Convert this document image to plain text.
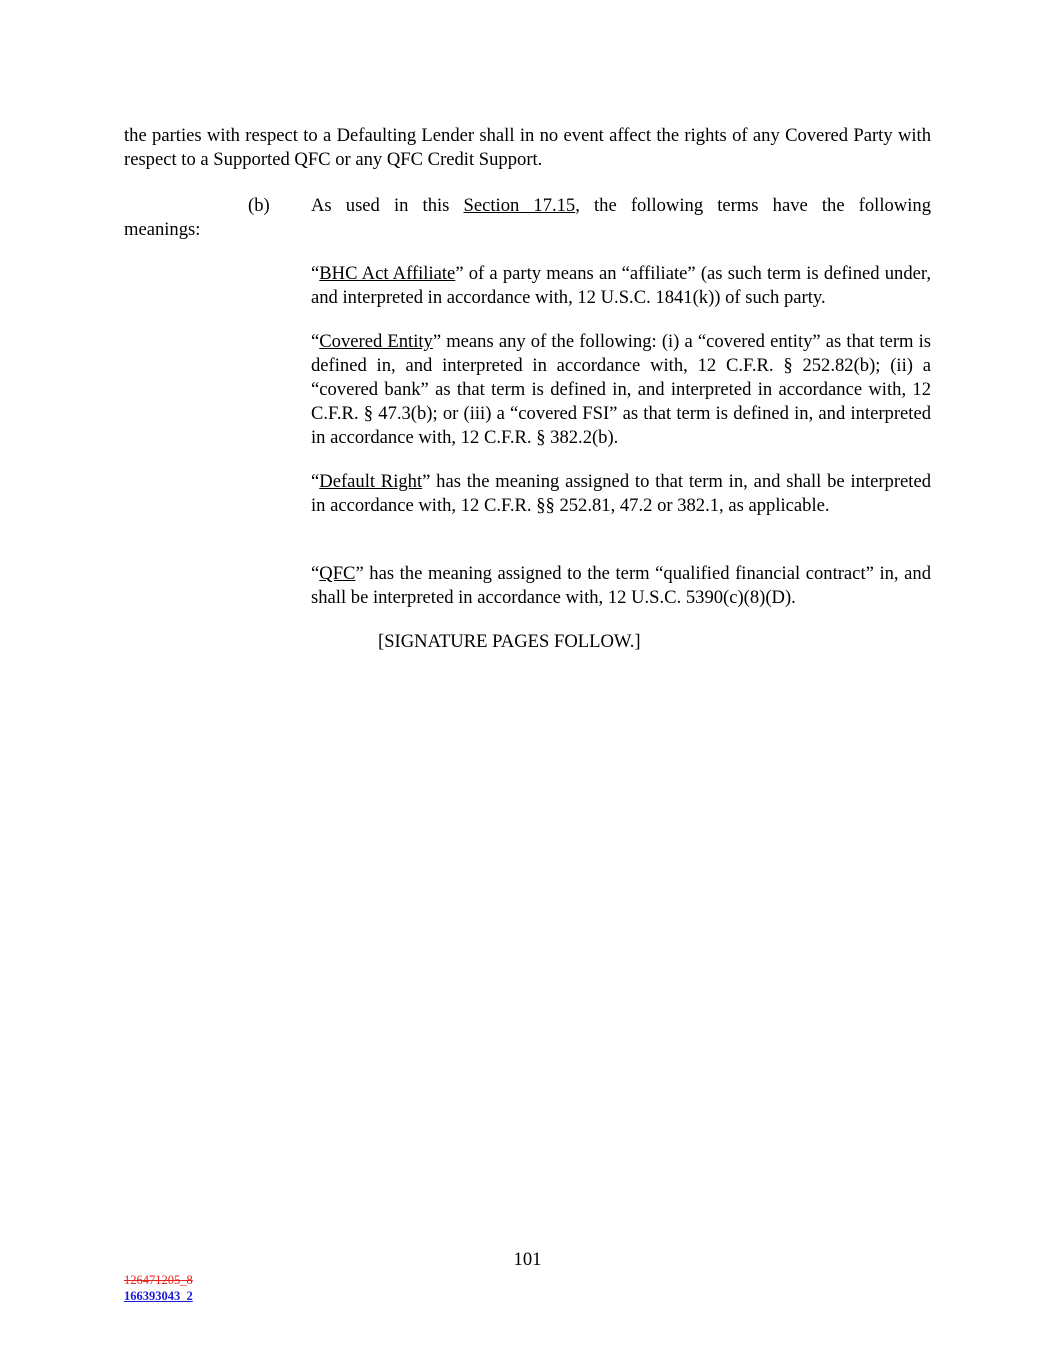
the parties with respect to a Defaulting Lender shall in no event affect the rights of any Covered Party with respect to a Supported QFC or any QFC Credit Support.

(b) As used in this Section 17.15, the following terms have the following
meanings:

“BHC Act Affiliate” of a party means an “affiliate” (as such term is defined under, and interpreted in accordance with, 12 U.S.C. 1841(k)) of such party.

“Covered Entity” means any of the following: (i) a “covered entity” as that term is defined in, and interpreted in accordance with, 12 C.F.R. § 252.82(b); (ii) a “covered bank” as that term is defined in, and interpreted in accordance with, 12 C.F.R. § 47.3(b); or (iii) a “covered FSI” as that term is defined in, and interpreted in accordance with, 12 C.F.R. § 382.2(b).

“Default Right” has the meaning assigned to that term in, and shall be interpreted in accordance with, 12 C.F.R. §§ 252.81, 47.2 or 382.1, as applicable.

“QFC” has the meaning assigned to the term “qualified financial contract” in, and shall be interpreted in accordance with, 12 U.S.C. 5390(c)(8)(D).

[SIGNATURE PAGES FOLLOW.]
101
126471205_8
166393043_2
